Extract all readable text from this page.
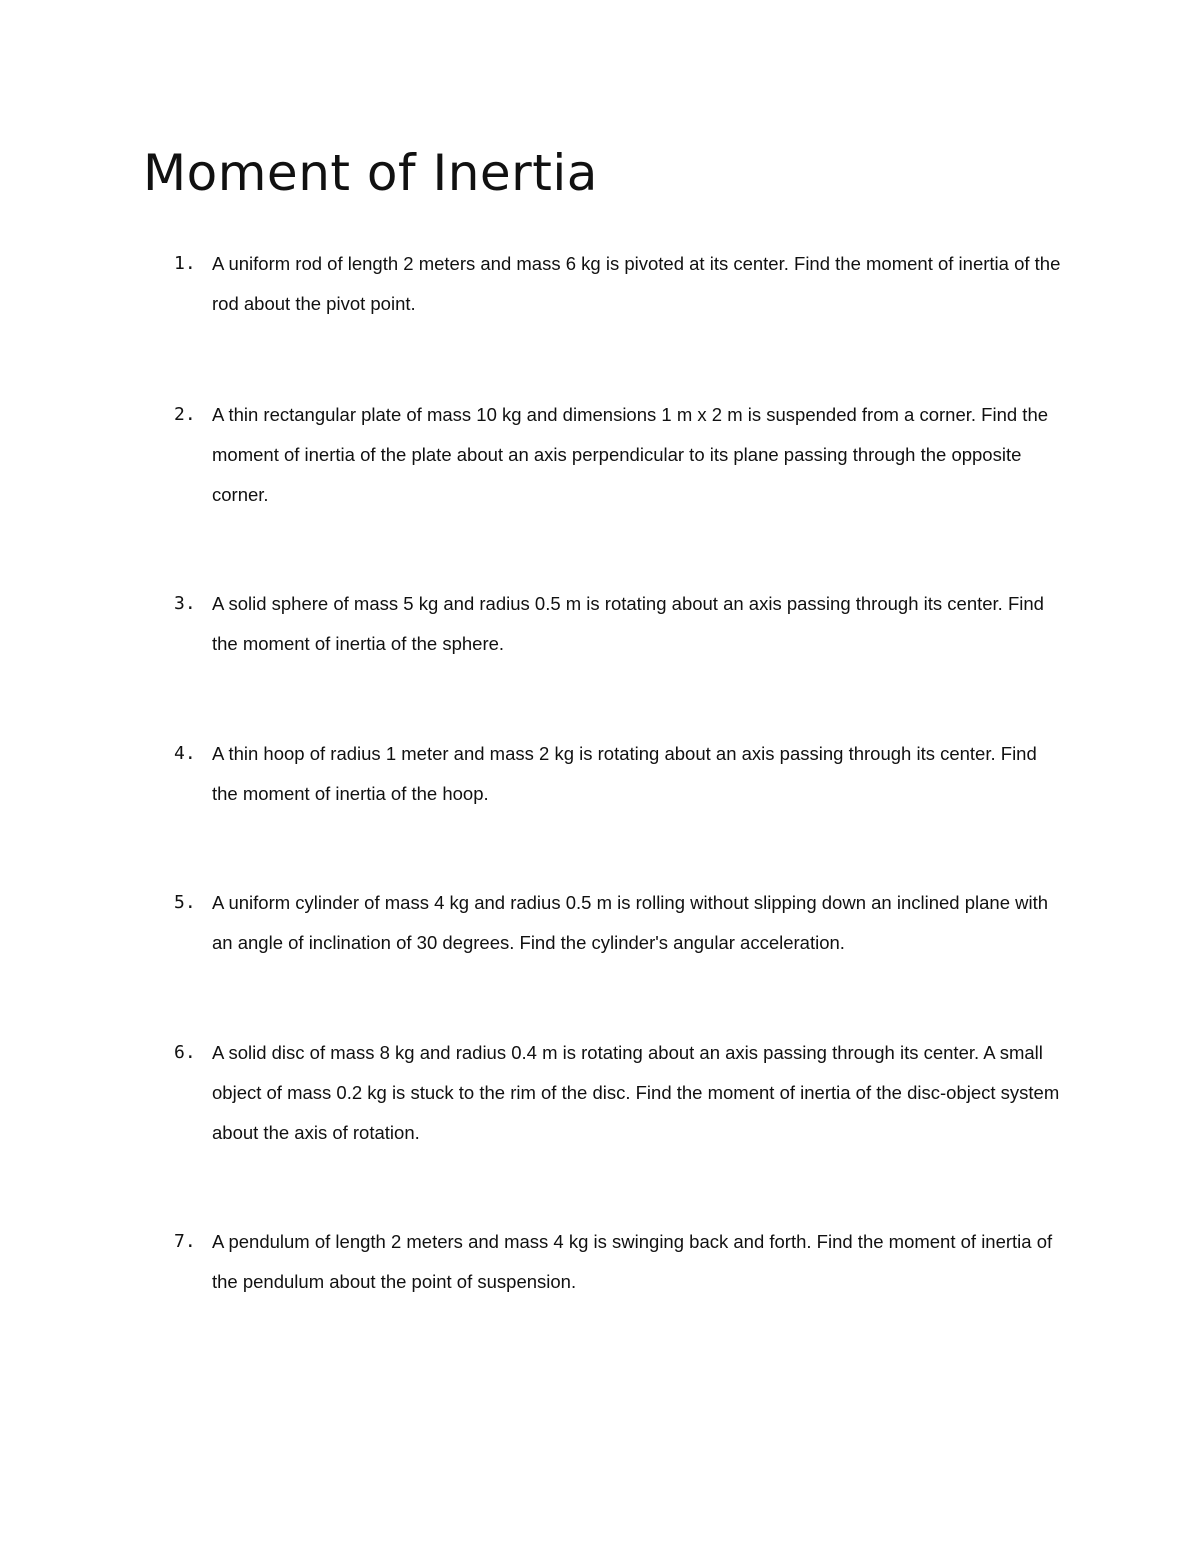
Moment of Inertia
1. A uniform rod of length 2 meters and mass 6 kg is pivoted at its center. Find the moment of inertia of the rod about the pivot point.

2. A thin rectangular plate of mass 10 kg and dimensions 1 m x 2 m is suspended from a corner. Find the moment of inertia of the plate about an axis perpendicular to its plane passing through the opposite corner.

3. A solid sphere of mass 5 kg and radius 0.5 m is rotating about an axis passing through its center. Find the moment of inertia of the sphere.

4. A thin hoop of radius 1 meter and mass 2 kg is rotating about an axis passing through its center. Find the moment of inertia of the hoop.

5. A uniform cylinder of mass 4 kg and radius 0.5 m is rolling without slipping down an inclined plane with an angle of inclination of 30 degrees. Find the cylinder's angular acceleration.

6. A solid disc of mass 8 kg and radius 0.4 m is rotating about an axis passing through its center. A small object of mass 0.2 kg is stuck to the rim of the disc. Find the moment of inertia of the disc-object system about the axis of rotation.

7. A pendulum of length 2 meters and mass 4 kg is swinging back and forth. Find the moment of inertia of the pendulum about the point of suspension.
